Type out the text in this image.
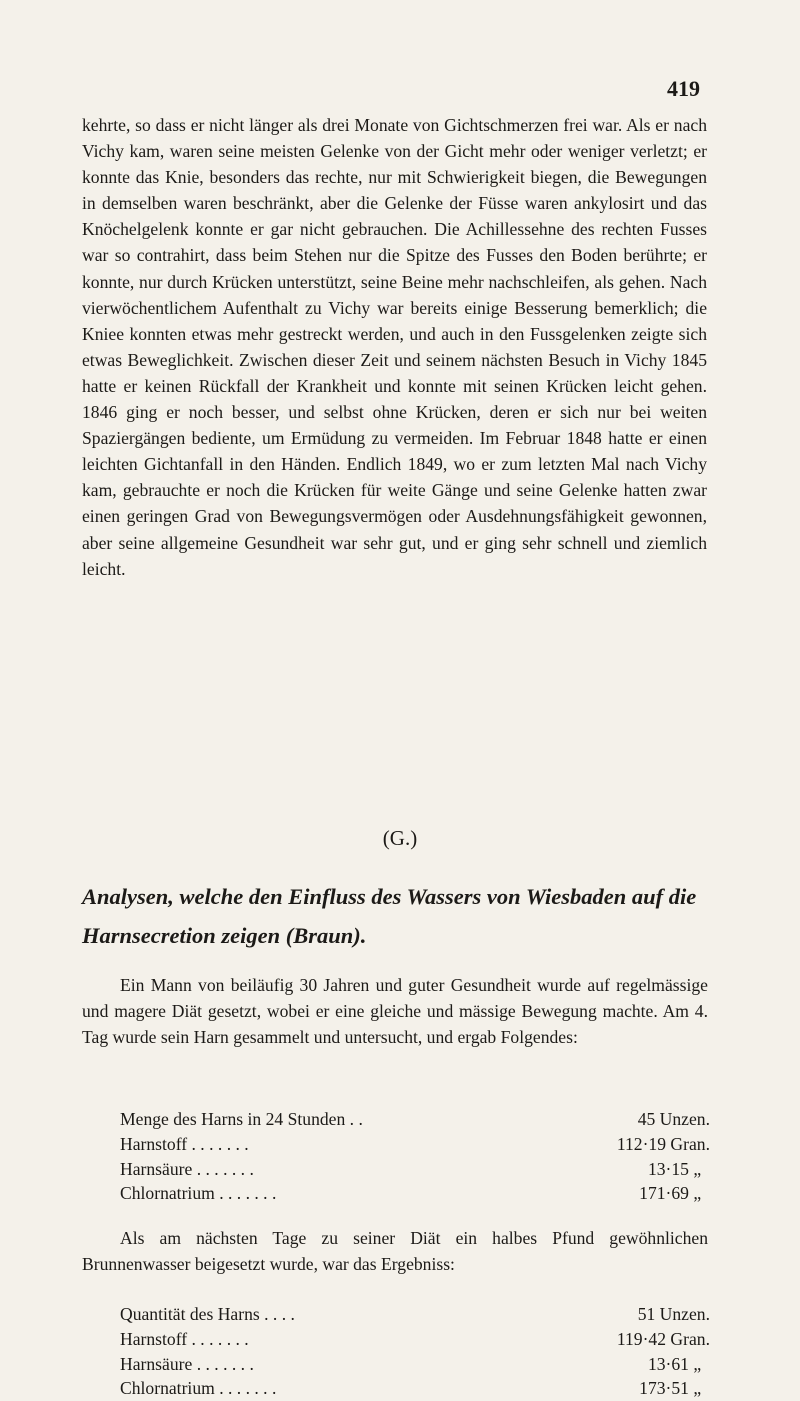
419

kehrte, so dass er nicht länger als drei Monate von Gichtschmerzen frei war. Als er nach Vichy kam, waren seine meisten Gelenke von der Gicht mehr oder weniger verletzt; er konnte das Knie, besonders das rechte, nur mit Schwierigkeit biegen, die Bewegungen in demselben waren beschränkt, aber die Gelenke der Füsse waren ankylosirt und das Knöchelgelenk konnte er gar nicht gebrauchen. Die Achillessehne des rechten Fusses war so contrahirt, dass beim Stehen nur die Spitze des Fusses den Boden berührte; er konnte, nur durch Krücken unterstützt, seine Beine mehr nachschleifen, als gehen. Nach vierwöchentlichem Aufenthalt zu Vichy war bereits einige Besserung bemerklich; die Kniee konnten etwas mehr gestreckt werden, und auch in den Fussgelenken zeigte sich etwas Beweglichkeit. Zwischen dieser Zeit und seinem nächsten Besuch in Vichy 1845 hatte er keinen Rückfall der Krankheit und konnte mit seinen Krücken leicht gehen. 1846 ging er noch besser, und selbst ohne Krücken, deren er sich nur bei weiten Spaziergängen bediente, um Ermüdung zu vermeiden. Im Februar 1848 hatte er einen leichten Gichtanfall in den Händen. Endlich 1849, wo er zum letzten Mal nach Vichy kam, gebrauchte er noch die Krücken für weite Gänge und seine Gelenke hatten zwar einen geringen Grad von Bewegungsvermögen oder Ausdehnungsfähigkeit gewonnen, aber seine allgemeine Gesundheit war sehr gut, und er ging sehr schnell und ziemlich leicht.

(G.)
Analysen, welche den Einfluss des Wassers von Wiesbaden auf die Harnsecretion zeigen (Braun).

Ein Mann von beiläufig 30 Jahren und guter Gesundheit wurde auf regelmässige und magere Diät gesetzt, wobei er eine gleiche und mässige Bewegung machte. Am 4. Tag wurde sein Harn gesammelt und untersucht, und ergab Folgendes:

Menge des Harns in 24 Stunden . .	45 Unzen.
Harnstoff . . . . . . .	112·19 Gran.
Harnsäure . . . . . . .	13·15 „
Chlornatrium . . . . . . .	171·69 „

Als am nächsten Tage zu seiner Diät ein halbes Pfund gewöhnlichen Brunnenwasser beigesetzt wurde, war das Ergebniss:

Quantität des Harns . . . .	51 Unzen.
Harnstoff . . . . . . .	119·42 Gran.
Harnsäure . . . . . . .	13·61 „
Chlornatrium . . . . . . .	173·51 „
